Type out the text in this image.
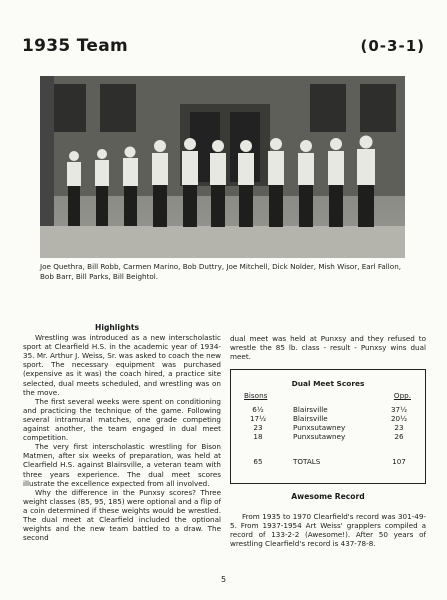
1935 Team	(0-3-1)
Joe Quethra, Bill Robb, Carmen Marino, Bob Duttry, Joe Mitchell, Dick Nolder, Mish Wisor, Earl Fallon, Bob Barr, Bill Parks, Bill Beightol.
Highlights

Wrestling was introduced as a new interscholastic sport at Clearfield H.S. in the academic year of 1934-35. Mr. Arthur J. Weiss, Sr. was asked to coach the new sport. The necessary equipment was purchased (expensive as it was) the coach hired, a practice site selected, dual meets scheduled, and wrestling was on the move.

The first several weeks were spent on conditioning and practicing the technique of the game. Following several intramural matches, one grade competing against another, the team engaged in dual meet competition.

The very first interscholastic wrestling for Bison Matmen, after six weeks of preparation, was held at Clearfield H.S. against Blairsville, a veteran team with three years experience. The dual meet scores illustrate the excellence expected from all involved.

Why the difference in the Punxsy scores? Three weight classes (85, 95, 185) were optional and a flip of a coin determined if these weights would be wrestled. The dual meet at Clearfield included the optional weights and the new team battled to a draw. The second

dual meet was held at Punxsy and they refused to wrestle the 85 lb. class - result - Punxsy wins dual meet.

Dual Meet Scores
Bisons	Opp.
6½	Blairsville	37½
17½	Blairsville	20½
23	Punxsutawney	23
18	Punxsutawney	26
65	TOTALS	107
Awesome Record

From 1935 to 1970 Clearfield's record was 301-49-5. From 1937-1954 Art Weiss' grapplers compiled a record of 133-2-2 (Awesome!). After 50 years of wrestling Clearfield's record is 437-78-8.

5
